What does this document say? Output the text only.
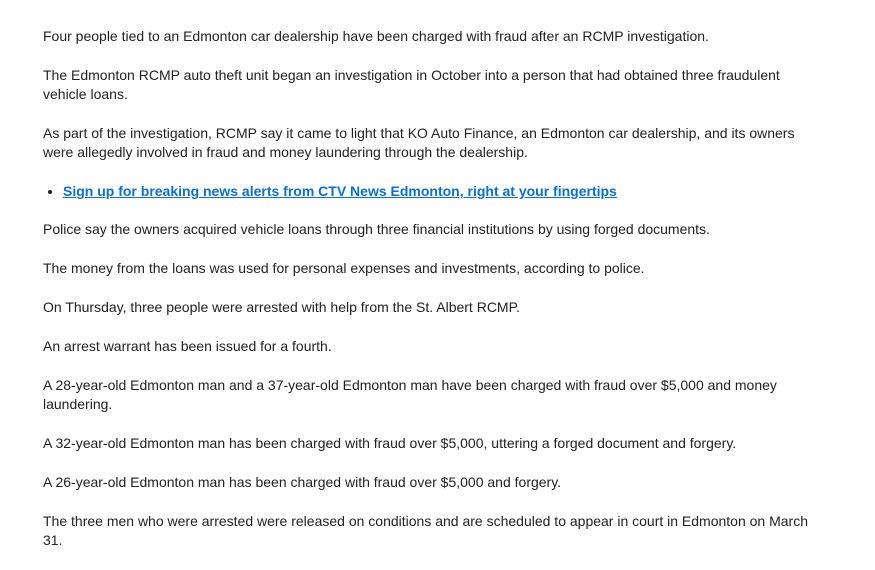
Four people tied to an Edmonton car dealership have been charged with fraud after an RCMP investigation.

The Edmonton RCMP auto theft unit began an investigation in October into a person that had obtained three fraudulent vehicle loans.

As part of the investigation, RCMP say it came to light that KO Auto Finance, an Edmonton car dealership, and its owners were allegedly involved in fraud and money laundering through the dealership.

• Sign up for breaking news alerts from CTV News Edmonton, right at your fingertips

Police say the owners acquired vehicle loans through three financial institutions by using forged documents.

The money from the loans was used for personal expenses and investments, according to police.

On Thursday, three people were arrested with help from the St. Albert RCMP.

An arrest warrant has been issued for a fourth.

A 28-year-old Edmonton man and a 37-year-old Edmonton man have been charged with fraud over $5,000 and money laundering.

A 32-year-old Edmonton man has been charged with fraud over $5,000, uttering a forged document and forgery.

A 26-year-old Edmonton man has been charged with fraud over $5,000 and forgery.

The three men who were arrested were released on conditions and are scheduled to appear in court in Edmonton on March 31.
